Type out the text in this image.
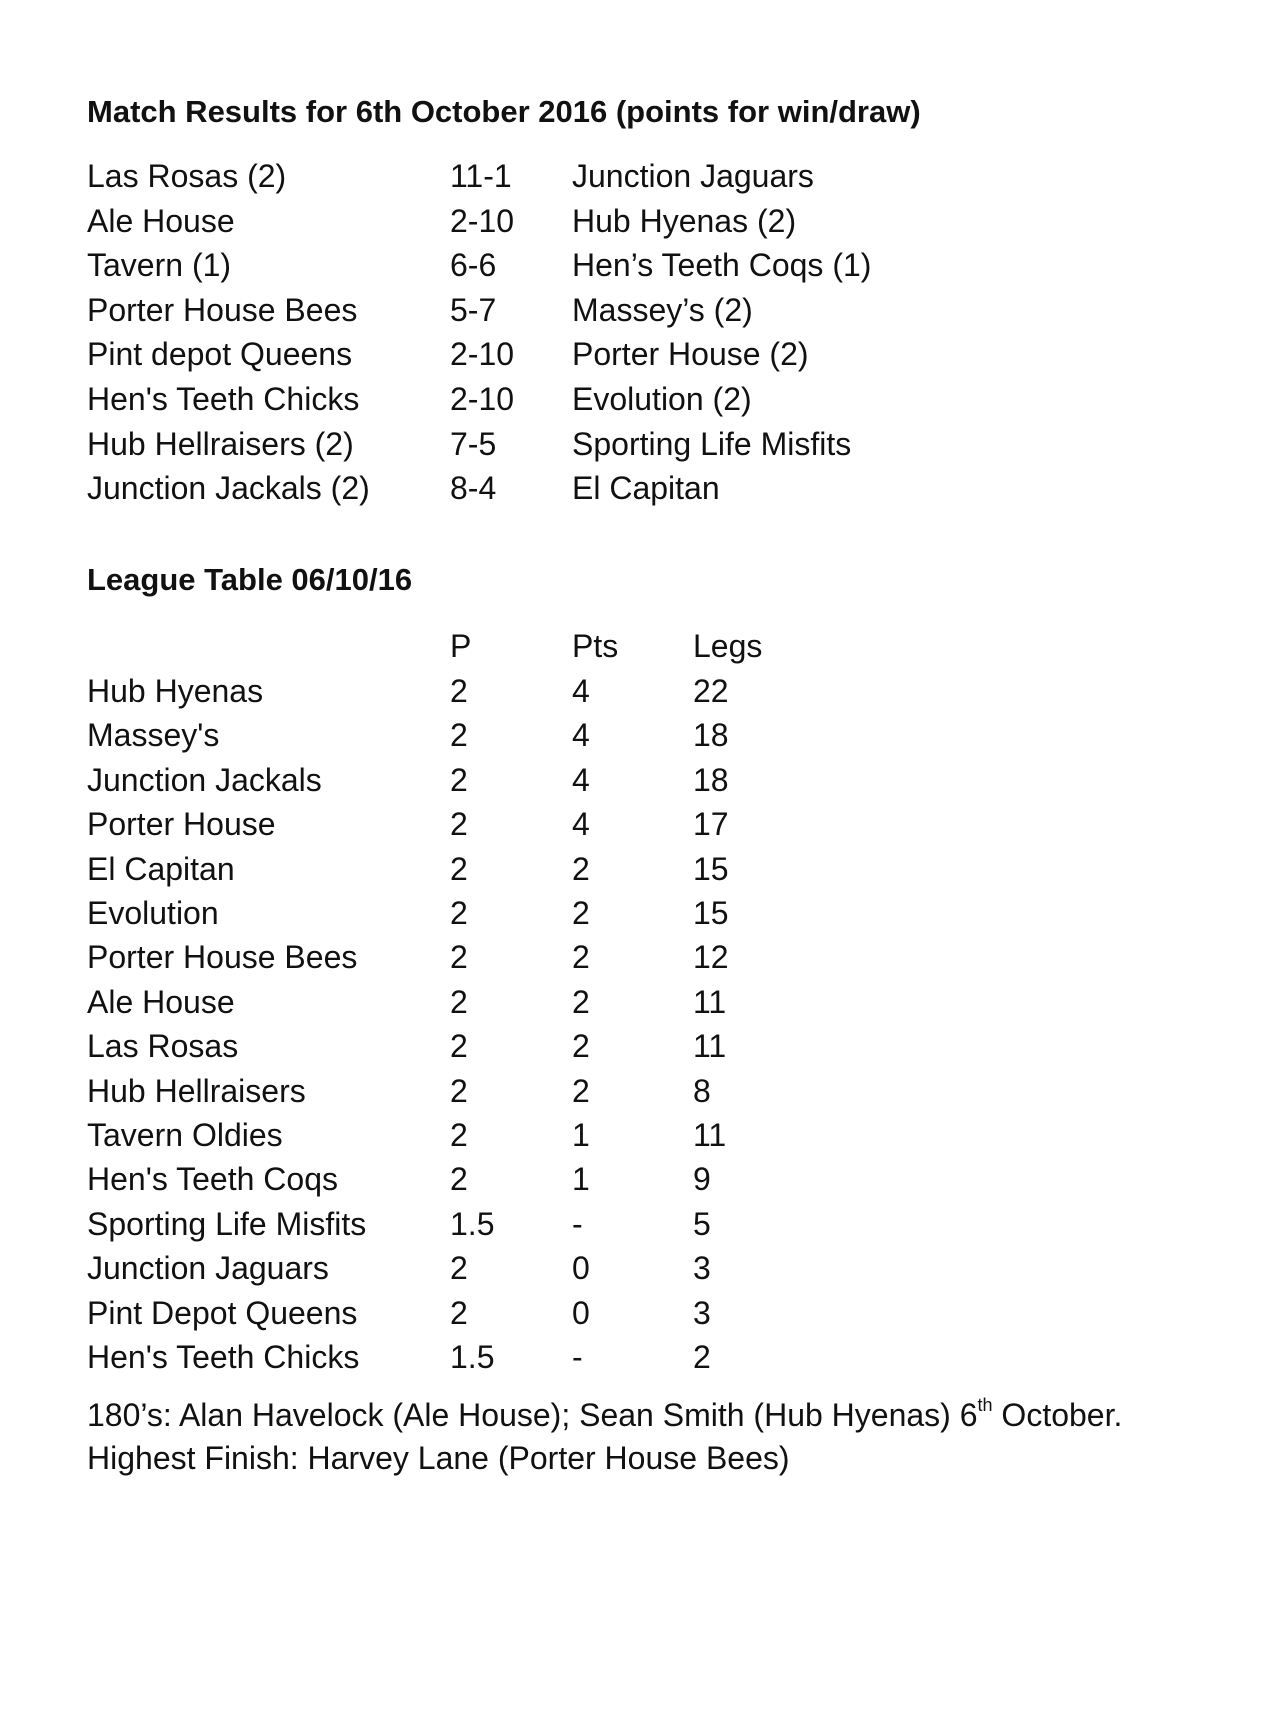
Match Results for 6th October 2016 (points for win/draw)
Las Rosas (2)	11-1 Junction Jaguars
Ale House	2-10 Hub Hyenas (2)
Tavern (1)	6-6 Hen’s Teeth Coqs (1)
Porter House Bees	5-7 Massey’s (2)
Pint depot Queens	2-10 Porter House (2)
Hen's Teeth Chicks	2-10 Evolution (2)
Hub Hellraisers (2)	7-5 Sporting Life Misfits
Junction Jackals (2)	8-4 El Capitan
League Table 06/10/16
P	Pts Legs
Hub Hyenas	2	4	22
Massey's	2	4	18
Junction Jackals	2	4	18
Porter House	2	4	17
El Capitan	2	2	15
Evolution	2	2	15
Porter House Bees	2	2	12
Ale House	2	2	11
Las Rosas	2	2	11
Hub Hellraisers	2	2	8
Tavern Oldies	2	1	11
Hen's Teeth Coqs	2	1	9
Sporting Life Misfits	1.5 -	5
Junction Jaguars	2	0	3
Pint Depot Queens	2	0	3
Hen's Teeth Chicks	1.5 -	2
180’s: Alan Havelock (Ale House); Sean Smith (Hub Hyenas) 6th October.
Highest Finish: Harvey Lane (Porter House Bees)
